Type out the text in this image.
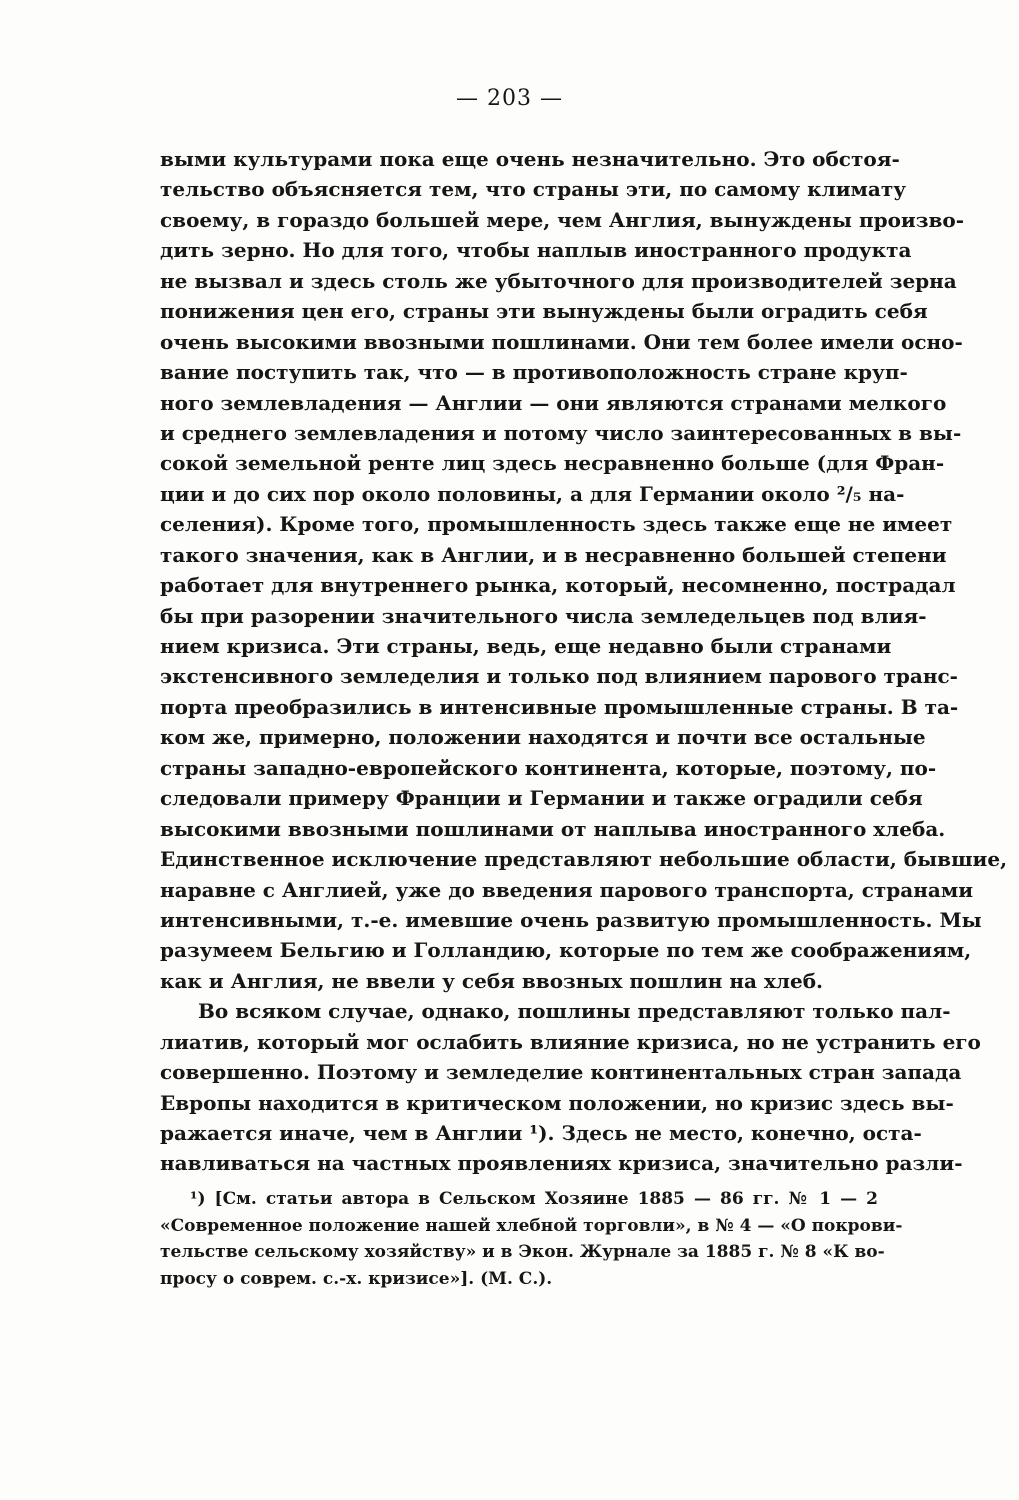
— 203 —
выми культурами пока еще очень незначительно. Это обстоя-
тельство объясняется тем, что страны эти, по самому климату
своему, в гораздо большей мере, чем Англия, вынуждены произво-
дить зерно. Но для того, чтобы наплыв иностранного продукта
не вызвал и здесь столь же убыточного для производителей зерна
понижения цен его, страны эти вынуждены были оградить себя
очень высокими ввозными пошлинами. Они тем более имели осно-
вание поступить так, что — в противоположность стране круп-
ного землевладения — Англии — они являются странами мелкого
и среднего землевладения и потому число заинтересованных в вы-
сокой земельной ренте лиц здесь несравненно больше (для Фран-
ции и до сих пор около половины, а для Германии около ²/₅ на-
селения). Кроме того, промышленность здесь также еще не имеет
такого значения, как в Англии, и в несравненно большей степени
работает для внутреннего рынка, который, несомненно, пострадал
бы при разорении значительного числа земледельцев под влия-
нием кризиса. Эти страны, ведь, еще недавно были странами
экстенсивного земледелия и только под влиянием парового транс-
порта преобразились в интенсивные промышленные страны. В та-
ком же, примерно, положении находятся и почти все остальные
страны западно-европейского континента, которые, поэтому, по-
следовали примеру Франции и Германии и также оградили себя
высокими ввозными пошлинами от наплыва иностранного хлеба.
Единственное исключение представляют небольшие области, бывшие,
наравне с Англией, уже до введения парового транспорта, странами
интенсивными, т.-е. имевшие очень развитую промышленность. Мы
разумеем Бельгию и Голландию, которые по тем же соображениям,
как и Англия, не ввели у себя ввозных пошлин на хлеб.
Во всяком случае, однако, пошлины представляют только пал-
лиатив, который мог ослабить влияние кризиса, но не устранить его
совершенно. Поэтому и земледелие континентальных стран запада
Европы находится в критическом положении, но кризис здесь вы-
ражается иначе, чем в Англии ¹). Здесь не место, конечно, оста-
навливаться на частных проявлениях кризиса, значительно разли-
¹) [См. статьи автора в Сельском Хозяине 1885 — 86 гг. № 1 — 2
«Современное положение нашей хлебной торговли», в № 4 — «О покрови-
тельстве сельскому хозяйству» и в Экон. Журнале за 1885 г. № 8 «К во-
просу о соврем. с.-х. кризисе»]. (М. С.).
